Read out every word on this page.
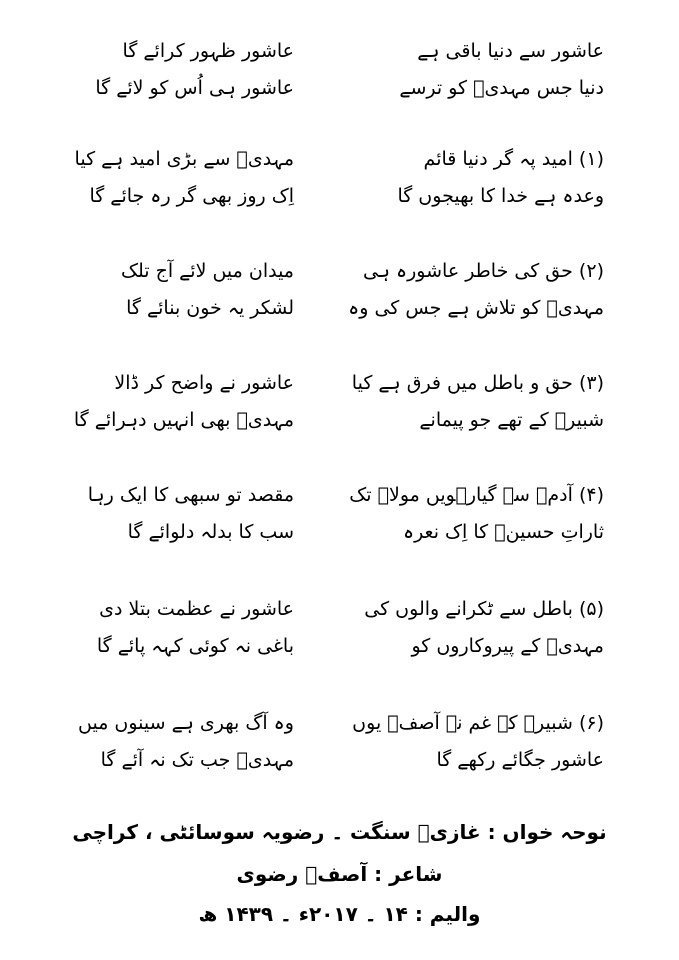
عاشور سے دنیا باقی ہے
دنیا جس مہدیؑ کو ترسے
عاشور ظہور کرائے گا
عاشور ہی اُس کو لائے گا
(۱) امید پہ گر دنیا قائم
وعدہ ہے خدا کا بھیجوں گا
مہدیؑ سے بڑی امید ہے کیا
اِک روز بھی گر رہ جائے گا
(۲) حق کی خاطر عاشورہ ہی
مہدیؑ کو تلاش ہے جس کی وہ
میدان میں لائے آج تلک
لشکر یہ خون بنائے گا
(۳) حق و باطل میں فرق ہے کیا
شبیرؑ کے تھے جو پیمانے
عاشور نے واضح کر ڈالا
مہدیؑ بھی انہیں دہرائے گا
(۴) آدمؑ سے گیارہویں مولاؑ تک
ثاراتِ حسینؑ کا اِک نعرہ
مقصد تو سبھی کا ایک رہا
سب کا بدلہ دلوائے گا
(۵) باطل سے ٹکرانے والوں کی
مہدیؑ کے پیروکاروں کو
عاشور نے عظمت بتلا دی
باغی نہ کوئی کہہ پائے گا
(۶) شبیرؑ کے غم نے آصفؔ یوں
عاشور جگائے رکھے گا
وہ آگ بھری ہے سینوں میں
مہدیؑ جب تک نہ آئے گا
نوحہ خواں : غازیؑ سنگت ۔ رضویہ سوسائٹی ، کراچی
شاعر : آصفؔ رضوی
والیم : ۱۴ ۔ ۲۰۱۷ء ۔ ۱۴۳۹ ھ
